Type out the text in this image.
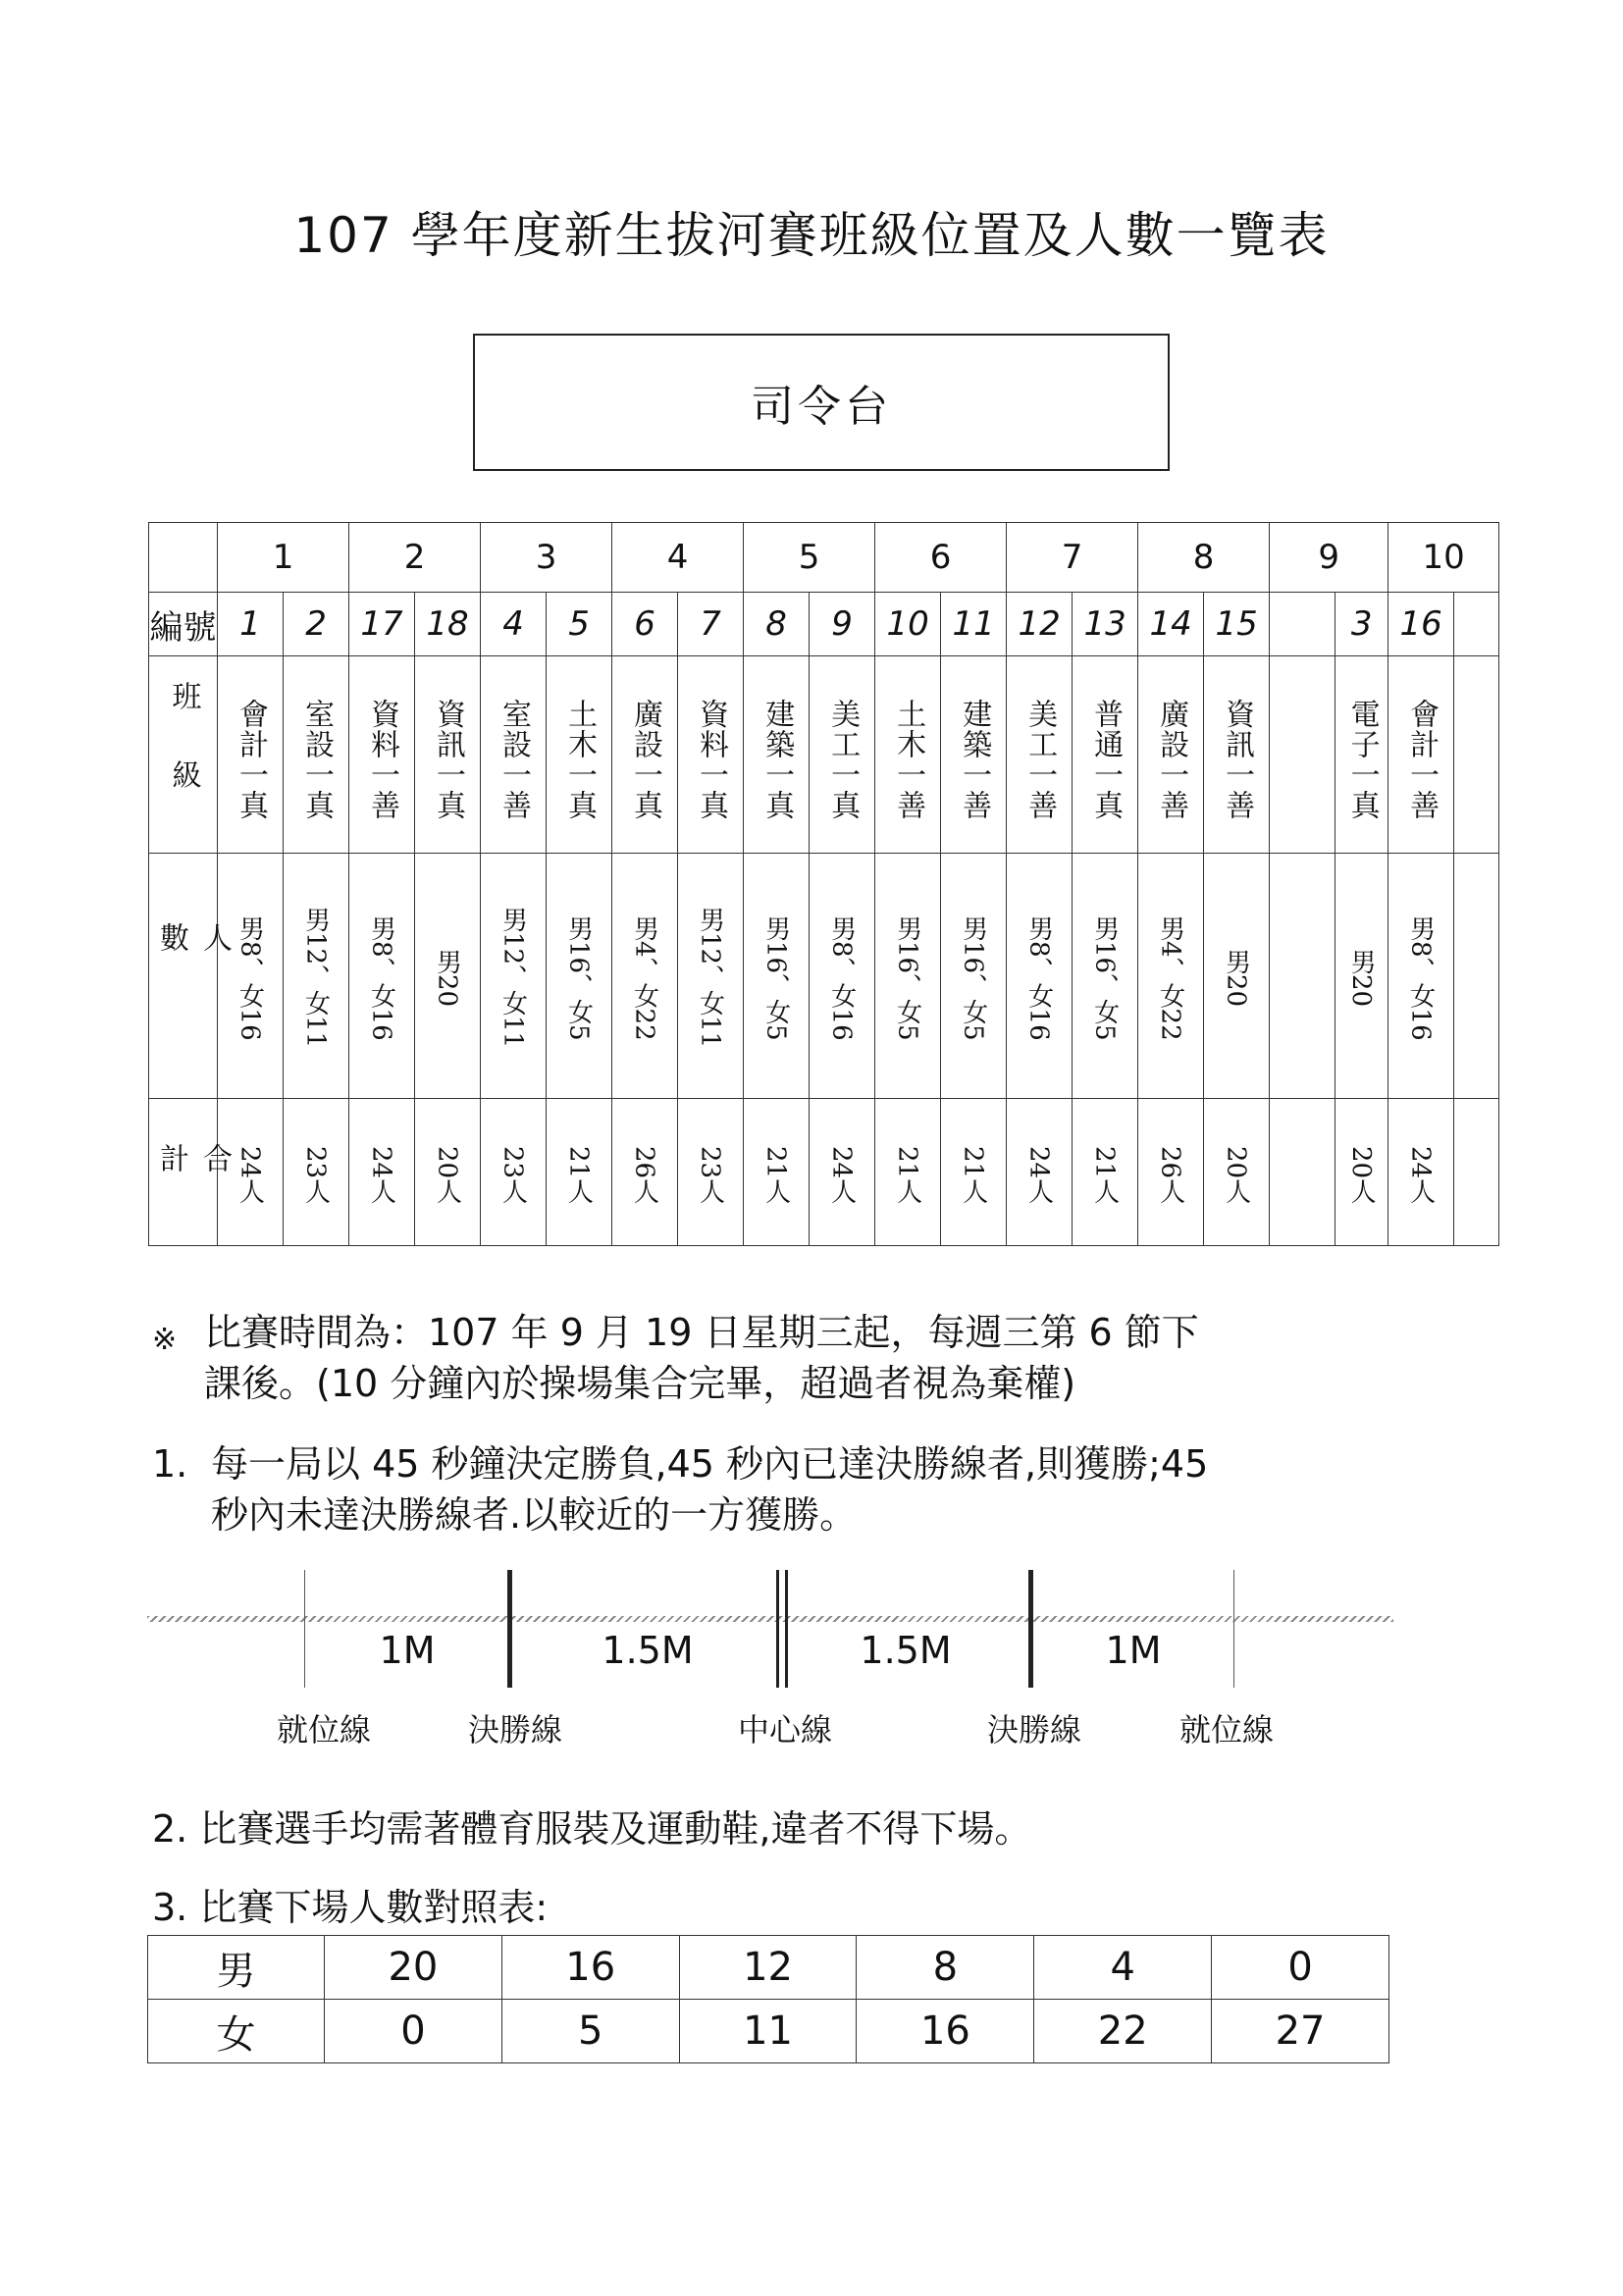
107 學年度新生拔河賽班級位置及人數一覽表
司令台
	1		2		3		4		5		6		7		8		9		10	
編號	1	2	17	18	4	5	6	7	8	9	10	11	12	13	14	15		3	16	
班級	會計一真	室設一真	資料一善	資訊一真	室設一善	土木一真	廣設一真	資料一真	建築一真	美工一真	土木一善	建築一善	美工一善	普通一真	廣設一善	資訊一善		電子一真	會計一善	
人數	男8、女16	男12、女11	男8、女16	男20	男12、女11	男16、女5	男4、女22	男12、女11	男16、女5	男8、女16	男16、女5	男16、女5	男8、女16	男16、女5	男4、女22	男20		男20	男8、女16	
合計	24人	23人	24人	20人	23人	21人	26人	23人	21人	24人	21人	21人	24人	21人	26人	20人		20人	24人	
※ 比賽時間為：107 年 9 月 19 日星期三起，每週三第 6 節下
課後。(10 分鐘內於操場集合完畢，超過者視為棄權)
1. 每一局以 45 秒鐘決定勝負,45 秒內已達決勝線者,則獲勝;45
秒內未達決勝線者.以較近的一方獲勝。
1M	1.5M	1.5M	1M
就位線	決勝線	中心線	決勝線	就位線
2. 比賽選手均需著體育服裝及運動鞋,違者不得下場。
3. 比賽下場人數對照表:
男	20	16	12	8	4	0
女	0	5	11	16	22	27
